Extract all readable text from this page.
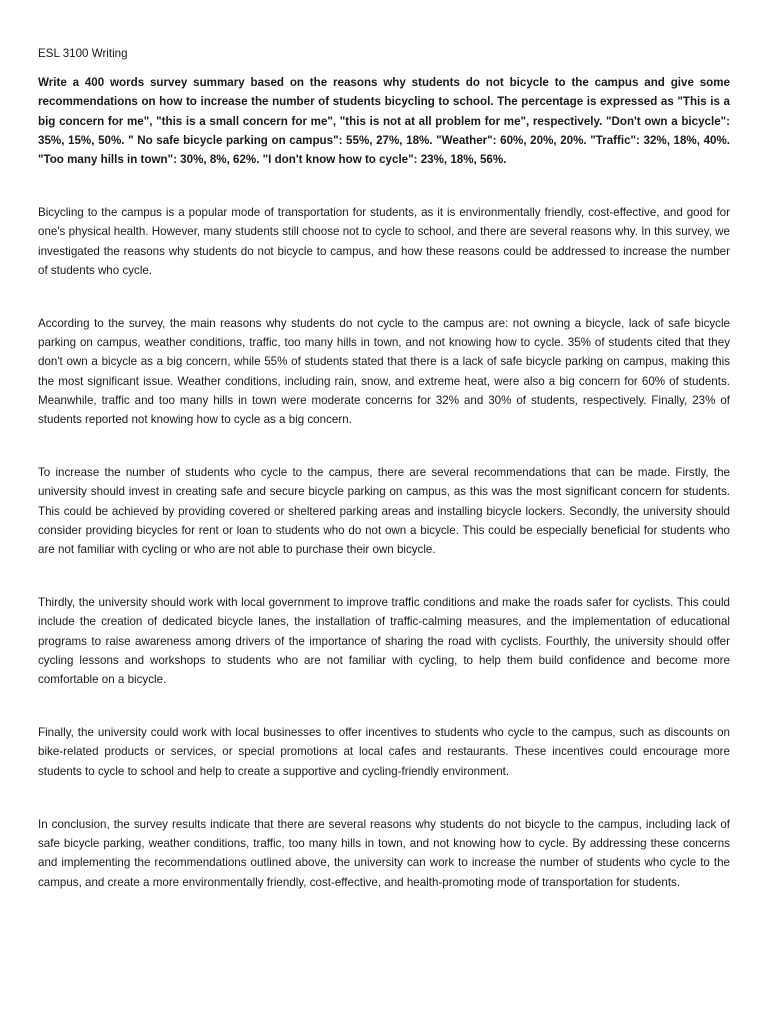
ESL 3100 Writing

Write a 400 words survey summary based on the reasons why students do not bicycle to the campus and give some recommendations on how to increase the number of students bicycling to school. The percentage is expressed as "This is a big concern for me", "this is a small concern for me", "this is not at all problem for me", respectively. "Don't own a bicycle": 35%, 15%, 50%. " No safe bicycle parking on campus": 55%, 27%, 18%. "Weather": 60%, 20%, 20%. "Traffic": 32%, 18%, 40%. "Too many hills in town": 30%, 8%, 62%. "I don't know how to cycle": 23%, 18%, 56%.

Bicycling to the campus is a popular mode of transportation for students, as it is environmentally friendly, cost-effective, and good for one's physical health. However, many students still choose not to cycle to school, and there are several reasons why. In this survey, we investigated the reasons why students do not bicycle to campus, and how these reasons could be addressed to increase the number of students who cycle.

According to the survey, the main reasons why students do not cycle to the campus are: not owning a bicycle, lack of safe bicycle parking on campus, weather conditions, traffic, too many hills in town, and not knowing how to cycle. 35% of students cited that they don't own a bicycle as a big concern, while 55% of students stated that there is a lack of safe bicycle parking on campus, making this the most significant issue. Weather conditions, including rain, snow, and extreme heat, were also a big concern for 60% of students. Meanwhile, traffic and too many hills in town were moderate concerns for 32% and 30% of students, respectively. Finally, 23% of students reported not knowing how to cycle as a big concern.

To increase the number of students who cycle to the campus, there are several recommendations that can be made. Firstly, the university should invest in creating safe and secure bicycle parking on campus, as this was the most significant concern for students. This could be achieved by providing covered or sheltered parking areas and installing bicycle lockers. Secondly, the university should consider providing bicycles for rent or loan to students who do not own a bicycle. This could be especially beneficial for students who are not familiar with cycling or who are not able to purchase their own bicycle.

Thirdly, the university should work with local government to improve traffic conditions and make the roads safer for cyclists. This could include the creation of dedicated bicycle lanes, the installation of traffic-calming measures, and the implementation of educational programs to raise awareness among drivers of the importance of sharing the road with cyclists. Fourthly, the university should offer cycling lessons and workshops to students who are not familiar with cycling, to help them build confidence and become more comfortable on a bicycle.

Finally, the university could work with local businesses to offer incentives to students who cycle to the campus, such as discounts on bike-related products or services, or special promotions at local cafes and restaurants. These incentives could encourage more students to cycle to school and help to create a supportive and cycling-friendly environment.

In conclusion, the survey results indicate that there are several reasons why students do not bicycle to the campus, including lack of safe bicycle parking, weather conditions, traffic, too many hills in town, and not knowing how to cycle. By addressing these concerns and implementing the recommendations outlined above, the university can work to increase the number of students who cycle to the campus, and create a more environmentally friendly, cost-effective, and health-promoting mode of transportation for students.
